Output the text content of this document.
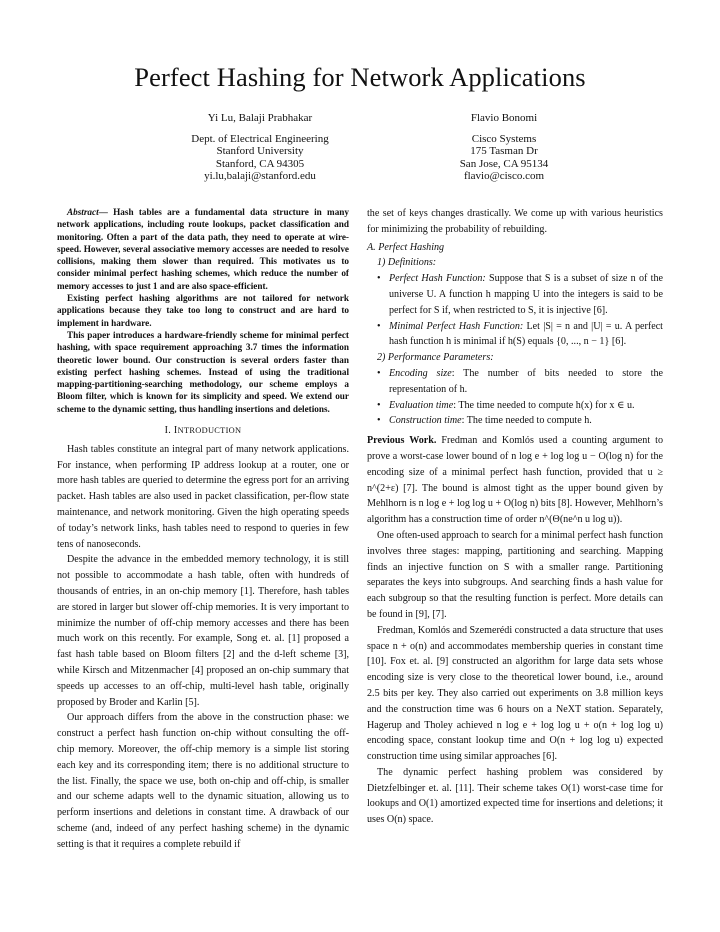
Perfect Hashing for Network Applications
Yi Lu, Balaji Prabhakar
Dept. of Electrical Engineering
Stanford University
Stanford, CA 94305
yi.lu,balaji@stanford.edu
Flavio Bonomi
Cisco Systems
175 Tasman Dr
San Jose, CA 95134
flavio@cisco.com

Abstract— Hash tables are a fundamental data structure in many network applications, including route lookups, packet classification and monitoring. Often a part of the data path, they need to operate at wire-speed. However, several associative memory accesses are needed to resolve collisions, making them slower than required. This motivates us to consider minimal perfect hashing schemes, which reduce the number of memory accesses to just 1 and are also space-efficient.

Existing perfect hashing algorithms are not tailored for network applications because they take too long to construct and are hard to implement in hardware.

This paper introduces a hardware-friendly scheme for minimal perfect hashing, with space requirement approaching 3.7 times the information theoretic lower bound. Our construction is several orders faster than existing perfect hashing schemes. Instead of using the traditional mapping-partitioning-searching methodology, our scheme employs a Bloom filter, which is known for its simplicity and speed. We extend our scheme to the dynamic setting, thus handling insertions and deletions.

I. INTRODUCTION

Hash tables constitute an integral part of many network applications. For instance, when performing IP address lookup at a router, one or more hash tables are queried to determine the egress port for an arriving packet. Hash tables are also used in packet classification, per-flow state maintenance, and network monitoring. Given the high operating speeds of today’s network links, hash tables need to respond to queries in few tens of nanoseconds.

Despite the advance in the embedded memory technology, it is still not possible to accommodate a hash table, often with hundreds of thousands of entries, in an on-chip memory [1]. Therefore, hash tables are stored in larger but slower off-chip memories. It is very important to minimize the number of off-chip memory accesses and there has been much work on this recently. For example, Song et. al. [1] proposed a fast hash table based on Bloom filters [2] and the d-left scheme [3], while Kirsch and Mitzenmacher [4] proposed an on-chip summary that speeds up accesses to an off-chip, multi-level hash table, originally proposed by Broder and Karlin [5].

Our approach differs from the above in the construction phase: we construct a perfect hash function on-chip without consulting the off-chip memory. Moreover, the off-chip memory is a simple list storing each key and its corresponding item; there is no additional structure to the list. Finally, the space we use, both on-chip and off-chip, is smaller and our scheme adapts well to the dynamic situation, allowing us to perform insertions and deletions in constant time. A drawback of our scheme (and, indeed of any perfect hashing scheme) in the dynamic setting is that it requires a complete rebuild if

the set of keys changes drastically. We come up with various heuristics for minimizing the probability of rebuilding.

A. Perfect Hashing
1) Definitions:
• Perfect Hash Function: Suppose that S is a subset of size n of the universe U. A function h mapping U into the integers is said to be perfect for S if, when restricted to S, it is injective [6].
• Minimal Perfect Hash Function: Let |S| = n and |U| = u. A perfect hash function h is minimal if h(S) equals {0, ..., n − 1} [6].
2) Performance Parameters:
• Encoding size: The number of bits needed to store the representation of h.
• Evaluation time: The time needed to compute h(x) for x ∈ u.
• Construction time: The time needed to compute h.

Previous Work. Fredman and Komlós used a counting argument to prove a worst-case lower bound of n log e + log log u − O(log n) for the encoding size of a minimal perfect hash function, provided that u ≥ n^(2+ε) [7]. The bound is almost tight as the upper bound given by Mehlhorn is n log e + log log u + O(log n) bits [8]. However, Mehlhorn’s algorithm has a construction time of order n^(Θ(ne^n u log u)).

One often-used approach to search for a minimal perfect hash function involves three stages: mapping, partitioning and searching. Mapping finds an injective function on S with a smaller range. Partitioning separates the keys into subgroups. And searching finds a hash value for each subgroup so that the resulting function is perfect. More details can be found in [9], [7].

Fredman, Komlós and Szemerédi constructed a data structure that uses space n + o(n) and accommodates membership queries in constant time [10]. Fox et. al. [9] constructed an algorithm for large data sets whose encoding size is very close to the theoretical lower bound, i.e., around 2.5 bits per key. They also carried out experiments on 3.8 million keys and the construction time was 6 hours on a NeXT station. Separately, Hagerup and Tholey achieved n log e + log log u + o(n + log log u) encoding space, constant lookup time and O(n + log log u) expected construction time using similar approaches [6].

The dynamic perfect hashing problem was considered by Dietzfelbinger et. al. [11]. Their scheme takes O(1) worst-case time for lookups and O(1) amortized expected time for insertions and deletions; it uses O(n) space.
